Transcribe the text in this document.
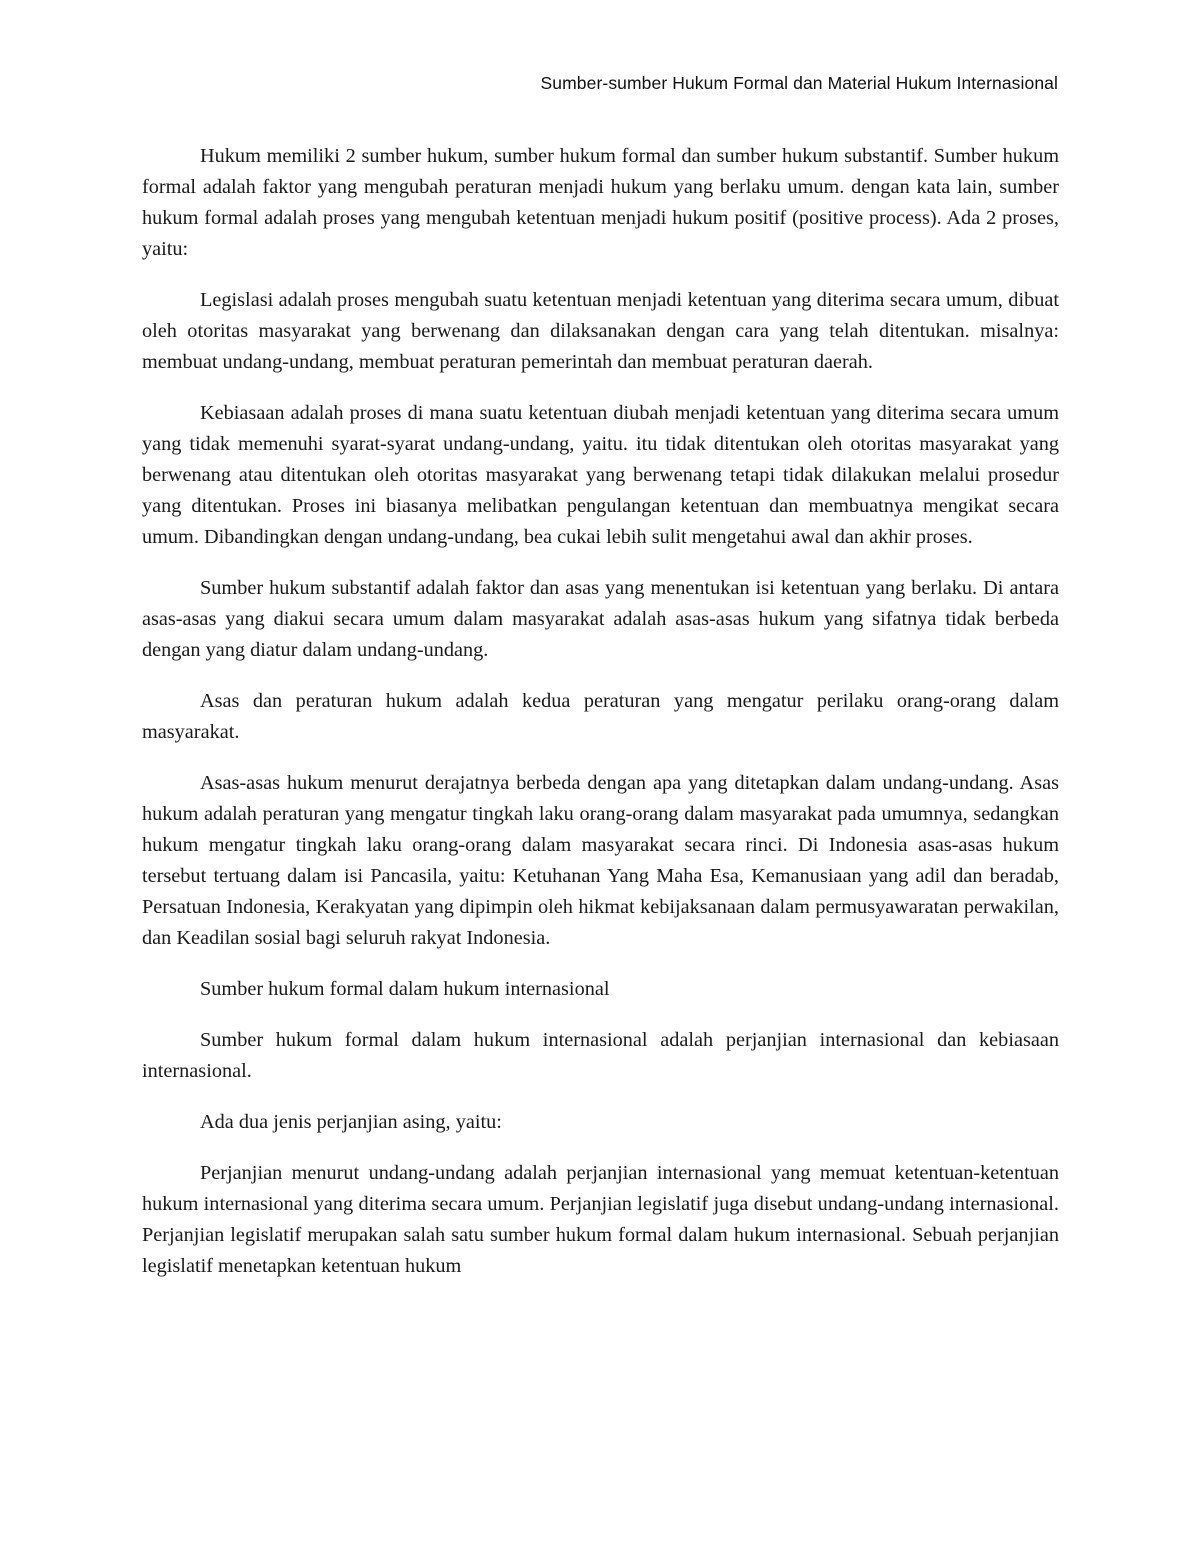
Sumber-sumber Hukum Formal dan Material Hukum Internasional

Hukum memiliki 2 sumber hukum, sumber hukum formal dan sumber hukum substantif. Sumber hukum formal adalah faktor yang mengubah peraturan menjadi hukum yang berlaku umum. dengan kata lain, sumber hukum formal adalah proses yang mengubah ketentuan menjadi hukum positif (positive process). Ada 2 proses, yaitu:

Legislasi adalah proses mengubah suatu ketentuan menjadi ketentuan yang diterima secara umum, dibuat oleh otoritas masyarakat yang berwenang dan dilaksanakan dengan cara yang telah ditentukan. misalnya: membuat undang-undang, membuat peraturan pemerintah dan membuat peraturan daerah.

Kebiasaan adalah proses di mana suatu ketentuan diubah menjadi ketentuan yang diterima secara umum yang tidak memenuhi syarat-syarat undang-undang, yaitu. itu tidak ditentukan oleh otoritas masyarakat yang berwenang atau ditentukan oleh otoritas masyarakat yang berwenang tetapi tidak dilakukan melalui prosedur yang ditentukan. Proses ini biasanya melibatkan pengulangan ketentuan dan membuatnya mengikat secara umum. Dibandingkan dengan undang-undang, bea cukai lebih sulit mengetahui awal dan akhir proses.

Sumber hukum substantif adalah faktor dan asas yang menentukan isi ketentuan yang berlaku. Di antara asas-asas yang diakui secara umum dalam masyarakat adalah asas-asas hukum yang sifatnya tidak berbeda dengan yang diatur dalam undang-undang.

Asas dan peraturan hukum adalah kedua peraturan yang mengatur perilaku orang-orang dalam masyarakat.

Asas-asas hukum menurut derajatnya berbeda dengan apa yang ditetapkan dalam undang-undang. Asas hukum adalah peraturan yang mengatur tingkah laku orang-orang dalam masyarakat pada umumnya, sedangkan hukum mengatur tingkah laku orang-orang dalam masyarakat secara rinci. Di Indonesia asas-asas hukum tersebut tertuang dalam isi Pancasila, yaitu: Ketuhanan Yang Maha Esa, Kemanusiaan yang adil dan beradab, Persatuan Indonesia, Kerakyatan yang dipimpin oleh hikmat kebijaksanaan dalam permusyawaratan perwakilan, dan Keadilan sosial bagi seluruh rakyat Indonesia.

Sumber hukum formal dalam hukum internasional

Sumber hukum formal dalam hukum internasional adalah perjanjian internasional dan kebiasaan internasional.

Ada dua jenis perjanjian asing, yaitu:

Perjanjian menurut undang-undang adalah perjanjian internasional yang memuat ketentuan-ketentuan hukum internasional yang diterima secara umum. Perjanjian legislatif juga disebut undang-undang internasional. Perjanjian legislatif merupakan salah satu sumber hukum formal dalam hukum internasional. Sebuah perjanjian legislatif menetapkan ketentuan hukum
